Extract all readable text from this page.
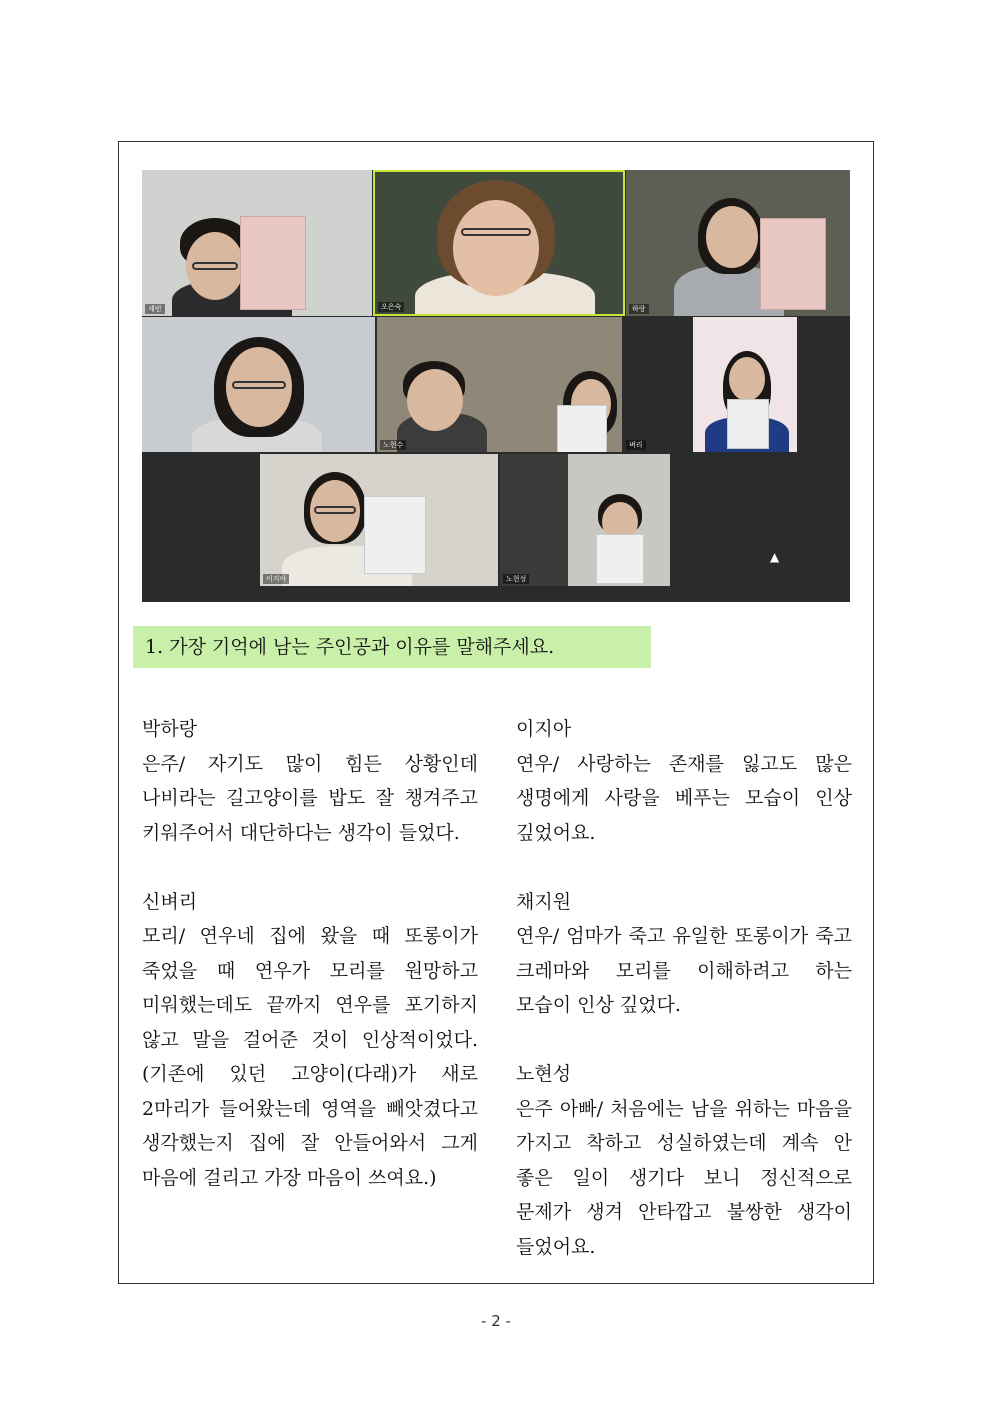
세빈	오은숙	하랑
노현수	벼리
이지아	노현성
▲
1. 가장 기억에 남는 주인공과 이유를 말해주세요.

박하랑

은주/ 자기도 많이 힘든 상황인데 나비라는 길고양이를 밥도 잘 챙겨주고 키워주어서 대단하다는 생각이 들었다.

신벼리

모리/ 연우네 집에 왔을 때 또롱이가 죽었을 때 연우가 모리를 원망하고 미워했는데도 끝까지 연우를 포기하지 않고 말을 걸어준 것이 인상적이었다. (기존에 있던 고양이(다래)가 새로 2마리가 들어왔는데 영역을 빼앗겼다고 생각했는지 집에 잘 안들어와서 그게 마음에 걸리고 가장 마음이 쓰여요.)

이지아

연우/ 사랑하는 존재를 잃고도 많은 생명에게 사랑을 베푸는 모습이 인상 깊었어요.

채지원

연우/ 엄마가 죽고 유일한 또롱이가 죽고 크레마와 모리를 이해하려고 하는 모습이 인상 깊었다.

노현성

은주 아빠/ 처음에는 남을 위하는 마음을 가지고 착하고 성실하였는데 계속 안 좋은 일이 생기다 보니 정신적으로 문제가 생겨 안타깝고 불쌍한 생각이 들었어요.

- 2 -
